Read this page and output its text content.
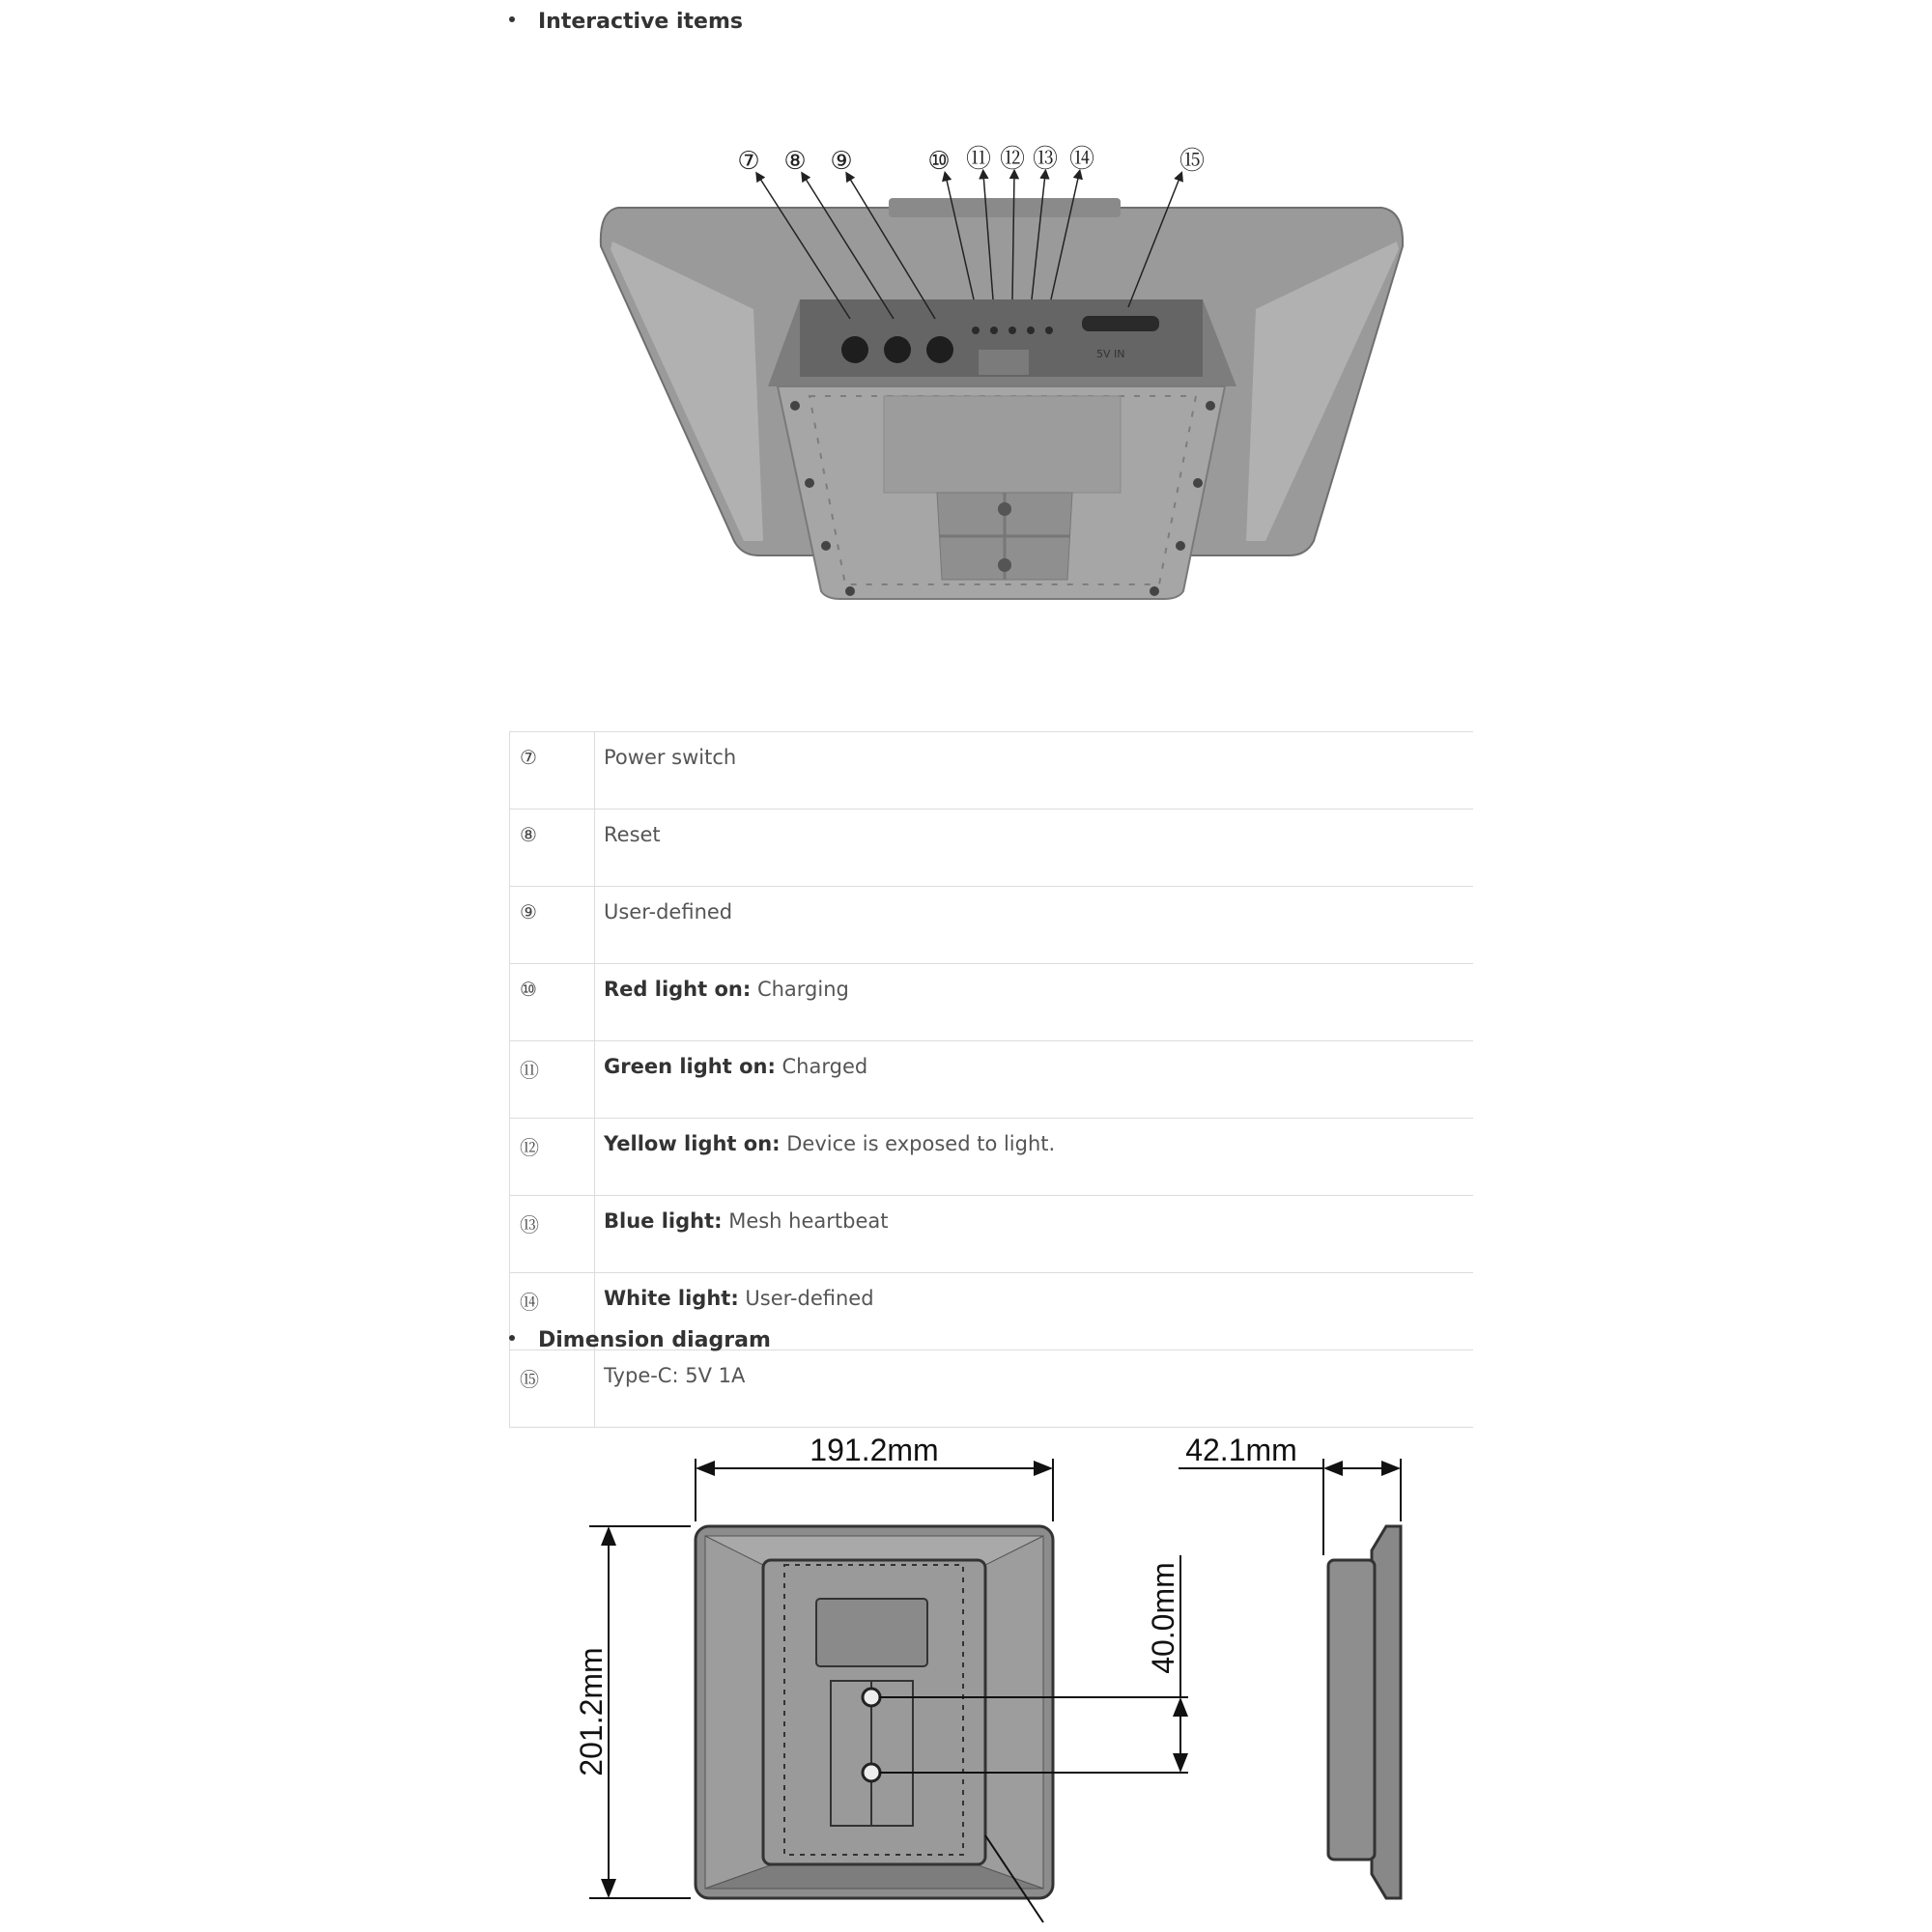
Interactive items
5V IN
⑦ ⑧ ⑨	⑩ ⑪ ⑫ ⑬ ⑭	⑮
⑦	Power switch
⑧	Reset
⑨	User-defined
⑩	Red light on: Charging
⑪	Green light on: Charged
⑫	Yellow light on: Device is exposed to light.
⑬	Blue light: Mesh heartbeat
⑭	White light: User-defined
⑮	Type-C: 5V 1A
Dimension diagram
191.2mm	42.1mm
201.2mm
40.0mm
